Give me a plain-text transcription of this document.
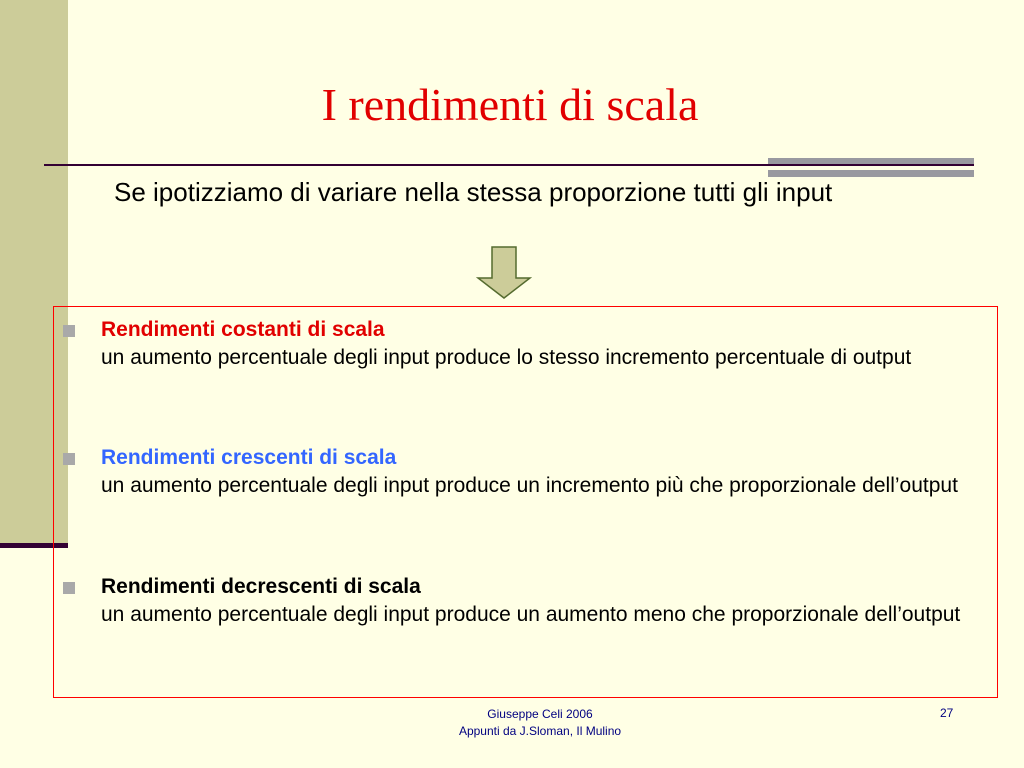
I rendimenti di scala
Se ipotizziamo di variare nella stessa proporzione tutti gli input
Rendimenti costanti di scala
un aumento percentuale degli input produce lo stesso incremento percentuale di output
Rendimenti crescenti di scala
un aumento percentuale degli input produce un incremento più che proporzionale dell’output
Rendimenti decrescenti di scala
un aumento percentuale degli input produce un aumento meno che proporzionale dell’output
Giuseppe Celi 2006
Appunti da J.Sloman, Il Mulino
27
